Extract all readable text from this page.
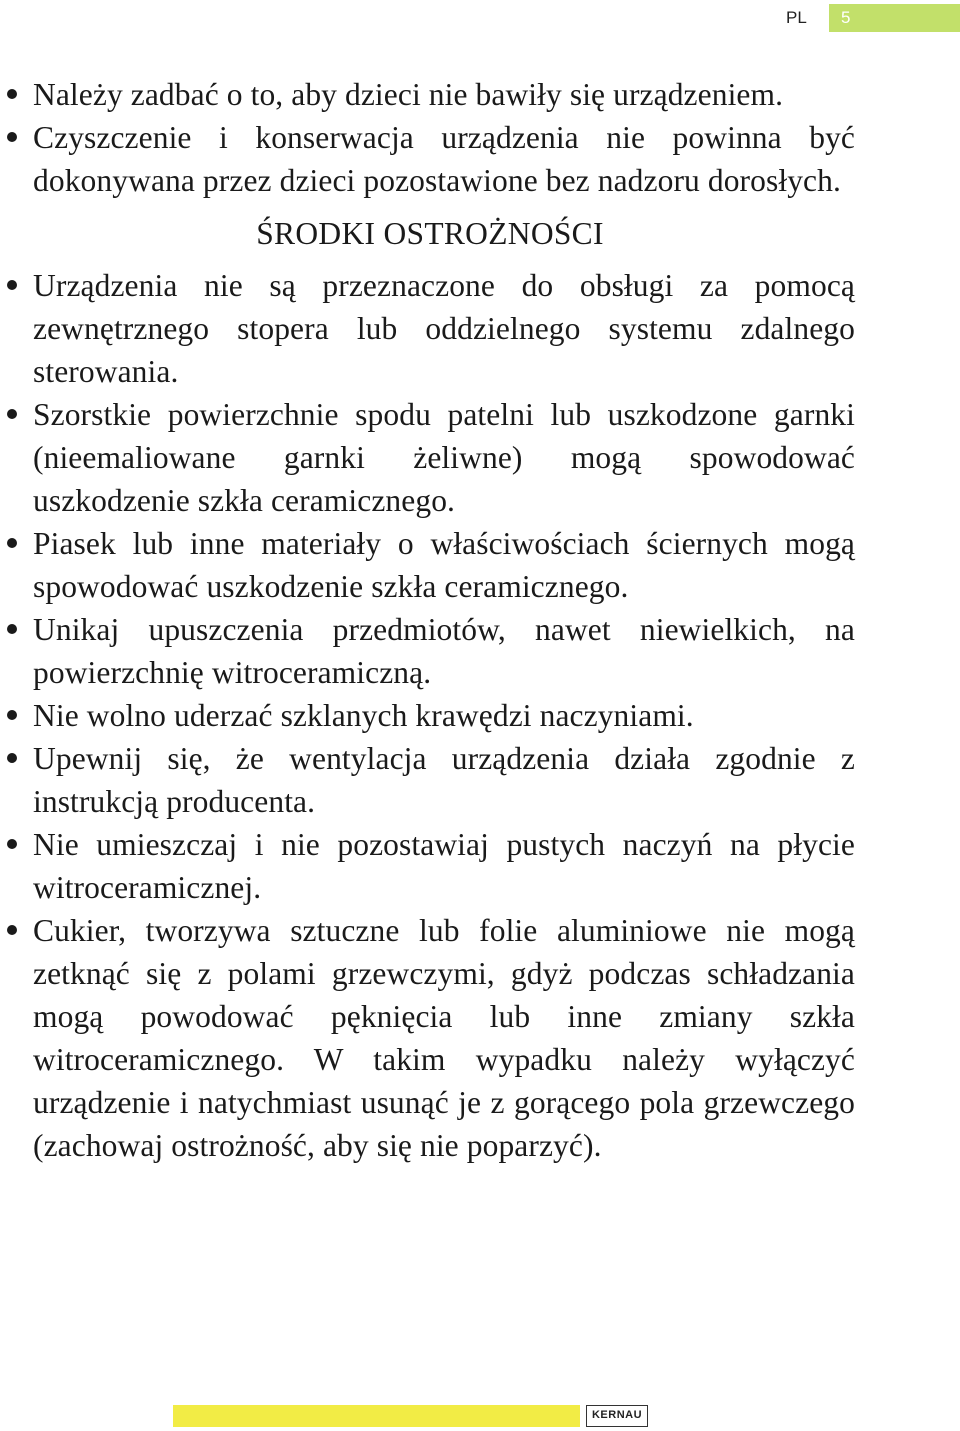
PL	5
Należy zadbać o to, aby dzieci nie bawiły się urządzeniem.
Czyszczenie i konserwacja urządzenia nie powinna być dokonywana przez dzieci pozostawione bez nadzoru dorosłych.
ŚRODKI OSTROŻNOŚCI
Urządzenia nie są przeznaczone do obsługi za pomocą zewnętrznego stopera lub oddzielnego systemu zdalnego sterowania.
Szorstkie powierzchnie spodu patelni lub uszkodzone garnki (nieemaliowane garnki żeliwne) mogą spowodować uszkodzenie szkła ceramicznego.
Piasek lub inne materiały o właściwościach ściernych mogą spowodować uszkodzenie szkła ceramicznego.
Unikaj upuszczenia przedmiotów, nawet niewielkich, na powierzchnię witroceramiczną.
Nie wolno uderzać szklanych krawędzi naczyniami.
Upewnij się, że wentylacja urządzenia działa zgodnie z instrukcją producenta.
Nie umieszczaj i nie pozostawiaj pustych naczyń na płycie witroceramicznej.
Cukier, tworzywa sztuczne lub folie aluminiowe nie mogą zetknąć się z polami grzewczymi, gdyż podczas schładzania mogą powodować pęknięcia lub inne zmiany szkła witroceramicznego. W takim wypadku należy wyłączyć urządzenie i natychmiast usunąć je z gorącego pola grzewczego (zachowaj ostrożność, aby się nie poparzyć).
KERNAU
